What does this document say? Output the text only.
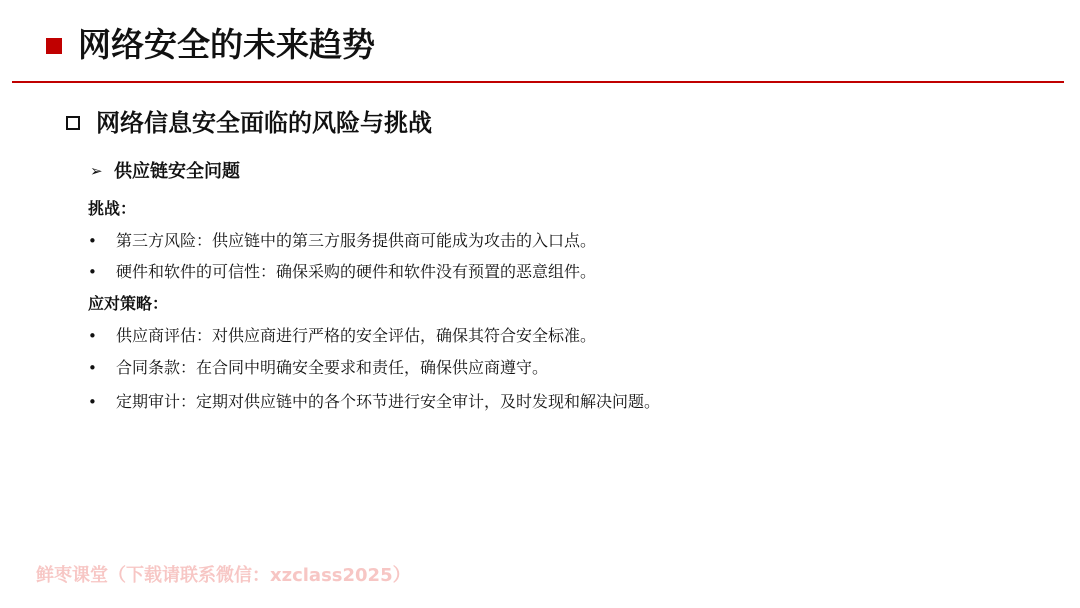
网络安全的未来趋势
网络信息安全面临的风险与挑战
➢ 供应链安全问题
挑战：
• 第三方风险：供应链中的第三方服务提供商可能成为攻击的入口点。
• 硬件和软件的可信性：确保采购的硬件和软件没有预置的恶意组件。
应对策略：
• 供应商评估：对供应商进行严格的安全评估，确保其符合安全标准。
• 合同条款：在合同中明确安全要求和责任，确保供应商遵守。
• 定期审计：定期对供应链中的各个环节进行安全审计，及时发现和解决问题。
鲜枣课堂（下载请联系微信：xzclass2025）
